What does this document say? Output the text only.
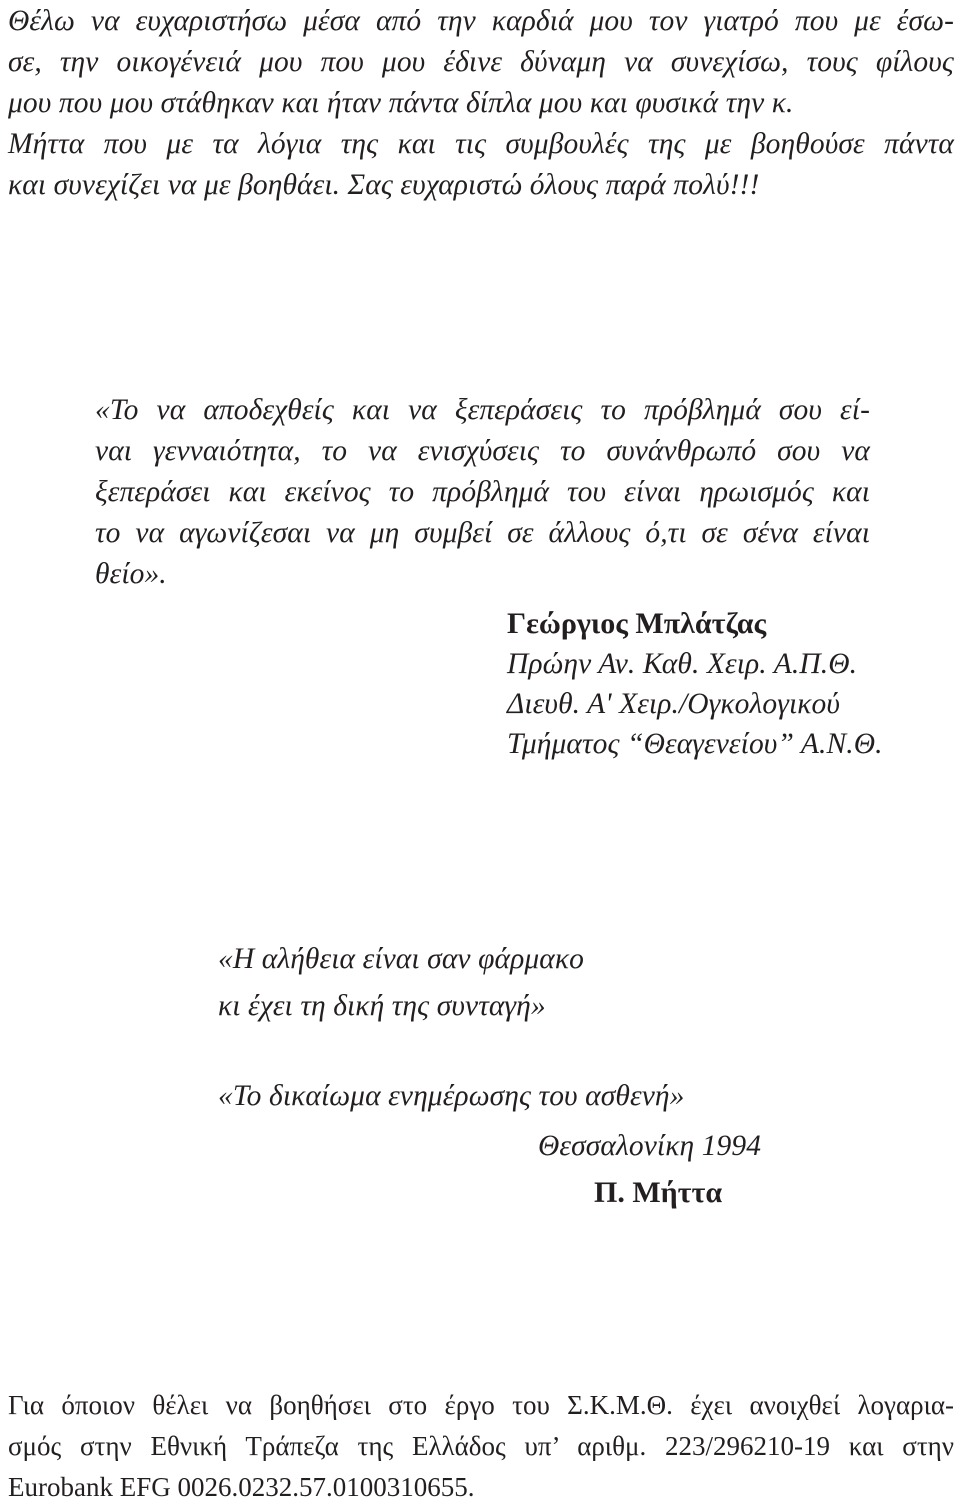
Θέλω να ευχαριστήσω μέσα από την καρδιά μου τον γιατρό που με έσω-

σε, την οικογένειά μου που μου έδινε δύναμη να συνεχίσω, τους φίλους

μου που μου στάθηκαν και ήταν πάντα δίπλα μου και φυσικά την κ.

Μήττα που με τα λόγια της και τις συμβουλές της με βοηθούσε πάντα

και συνεχίζει να με βοηθάει. Σας ευχαριστώ όλους παρά πολύ!!!

«Το να αποδεχθείς και να ξεπεράσεις το πρόβλημά σου εί-

ναι γενναιότητα, το να ενισχύσεις το συνάνθρωπό σου να

ξεπεράσει και εκείνος το πρόβλημά του είναι ηρωισμός και

το να αγωνίζεσαι να μη συμβεί σε άλλους ό,τι σε σένα είναι

θείο».

Γεώργιος Μπλάτζας

Πρώην Αν. Καθ. Χειρ. Α.Π.Θ.

Διευθ. Α' Χειρ./Ογκολογικού

Τμήματος “Θεαγενείου” Α.Ν.Θ.

«Η αλήθεια είναι σαν φάρμακο

κι έχει τη δική της συνταγή»

«Το δικαίωμα ενημέρωσης του ασθενή»

Θεσσαλονίκη 1994

Π. Μήττα

Για όποιον θέλει να βοηθήσει στο έργο του Σ.Κ.Μ.Θ. έχει ανοιχθεί λογαρια-

σμός στην Εθνική Τράπεζα της Ελλάδος υπ’ αριθμ. 223/296210-19 και στην

Eurobank EFG 0026.0232.57.0100310655.
